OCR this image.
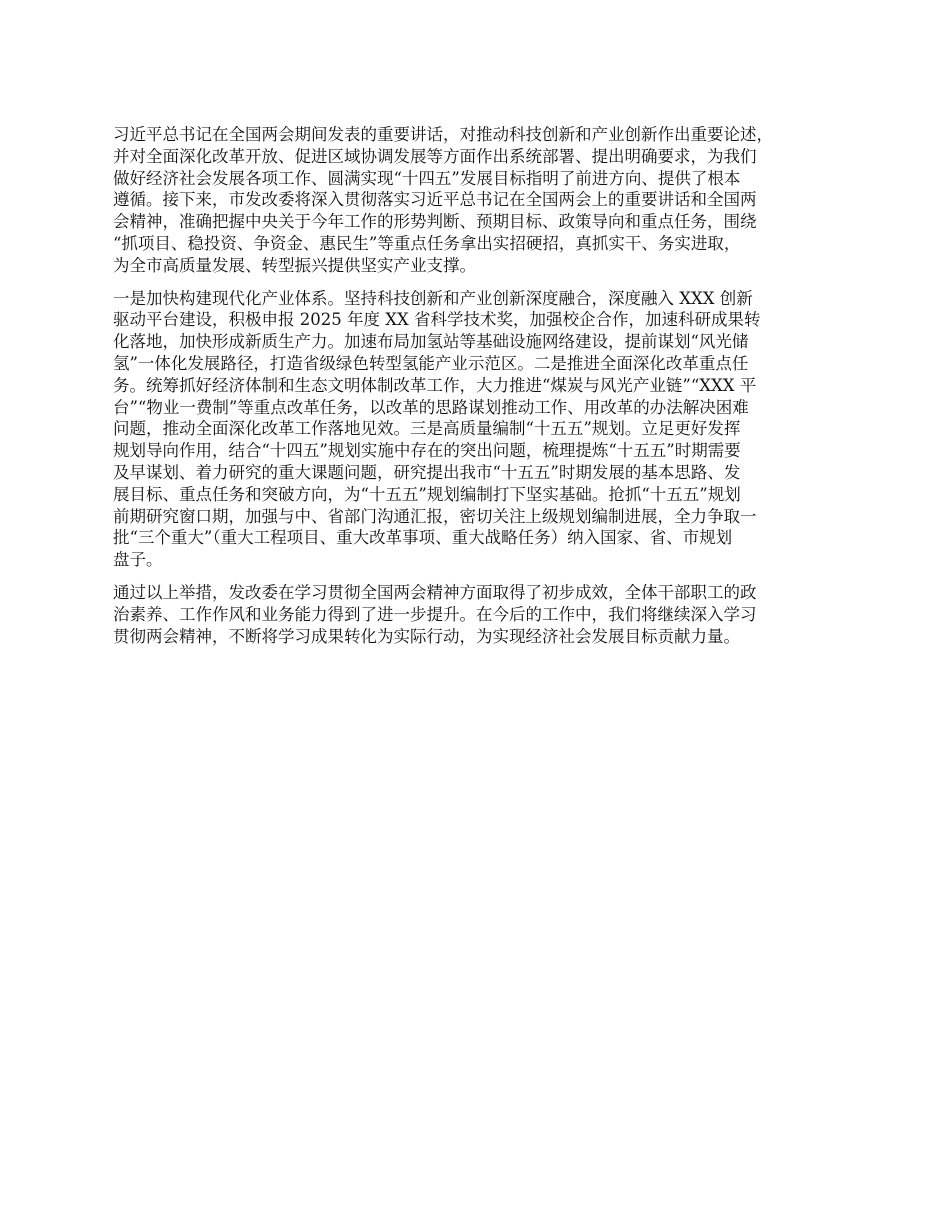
习近平总书记在全国两会期间发表的重要讲话，对推动科技创新和产业创新作出重要论述，
并对全面深化改革开放、促进区域协调发展等方面作出系统部署、提出明确要求，为我们
做好经济社会发展各项工作、圆满实现“十四五”发展目标指明了前进方向、提供了根本
遵循。接下来，市发改委将深入贯彻落实习近平总书记在全国两会上的重要讲话和全国两
会精神，准确把握中央关于今年工作的形势判断、预期目标、政策导向和重点任务，围绕
“抓项目、稳投资、争资金、惠民生”等重点任务拿出实招硬招，真抓实干、务实进取，
为全市高质量发展、转型振兴提供坚实产业支撑。

一是加快构建现代化产业体系。坚持科技创新和产业创新深度融合，深度融入 XXX 创新
驱动平台建设，积极申报 2025 年度 XX 省科学技术奖，加强校企合作，加速科研成果转
化落地，加快形成新质生产力。加速布局加氢站等基础设施网络建设，提前谋划“风光储
氢”一体化发展路径，打造省级绿色转型氢能产业示范区。二是推进全面深化改革重点任
务。统筹抓好经济体制和生态文明体制改革工作，大力推进“煤炭与风光产业链”“XXX 平
台”“物业一费制”等重点改革任务，以改革的思路谋划推动工作、用改革的办法解决困难
问题，推动全面深化改革工作落地见效。三是高质量编制“十五五”规划。立足更好发挥
规划导向作用，结合“十四五”规划实施中存在的突出问题，梳理提炼“十五五”时期需要
及早谋划、着力研究的重大课题问题，研究提出我市“十五五”时期发展的基本思路、发
展目标、重点任务和突破方向，为“十五五”规划编制打下坚实基础。抢抓“十五五”规划
前期研究窗口期，加强与中、省部门沟通汇报，密切关注上级规划编制进展，全力争取一
批“三个重大”（重大工程项目、重大改革事项、重大战略任务）纳入国家、省、市规划
盘子。

通过以上举措，发改委在学习贯彻全国两会精神方面取得了初步成效，全体干部职工的政
治素养、工作作风和业务能力得到了进一步提升。在今后的工作中，我们将继续深入学习
贯彻两会精神，不断将学习成果转化为实际行动，为实现经济社会发展目标贡献力量。
